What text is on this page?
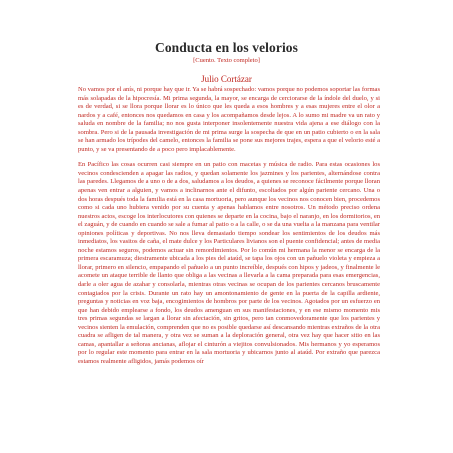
Conducta en los velorios
[Cuento. Texto completo]
Julio Cortázar

No vamos por el anís, ni porque hay que ir. Ya se habrá sospechado: vamos porque no podemos soportar las formas más solapadas de la hipocresía. Mi prima segunda, la mayor, se encarga de cerciorarse de la índole del duelo, y si es de verdad, si se llora porque llorar es lo único que les queda a esos hombres y a esas mujeres entre el olor a nardos y a café, entonces nos quedamos en casa y los acompañamos desde lejos. A lo sumo mi madre va un rato y saluda en nombre de la familia; no nos gusta interponer insolentemente nuestra vida ajena a ese diálogo con la sombra. Pero si de la pausada investigación de mi prima surge la sospecha de que en un patio cubierto o en la sala se han armado los trípodes del camelo, entonces la familia se pone sus mejores trajes, espera a que el velorio esté a punto, y se va presentando de a poco pero implacablemente.

En Pacífico las cosas ocurren casi siempre en un patio con macetas y música de radio. Para estas ocasiones los vecinos condescienden a apagar las radios, y quedan solamente los jazmines y los parientes, alternándose contra las paredes. Llegamos de a uno o de a dos, saludamos a los deudos, a quienes se reconoce fácilmente porque lloran apenas ven entrar a alguien, y vamos a inclinarnos ante el difunto, escoltados por algún pariente cercano. Una o dos horas después toda la familia está en la casa mortuoria, pero aunque los vecinos nos conocen bien, procedemos como si cada uno hubiera venido por su cuenta y apenas hablamos entre nosotros. Un método preciso ordena nuestros actos, escoge los interlocutores con quienes se departe en la cocina, bajo el naranjo, en los dormitorios, en el zaguán, y de cuando en cuando se sale a fumar al patio o a la calle, o se da una vuelta a la manzana para ventilar opiniones políticas y deportivas. No nos lleva demasiado tiempo sondear los sentimientos de los deudos más inmediatos, los vasitos de caña, el mate dulce y los Particulares livianos son el puente confidencial; antes de media noche estamos seguros, podemos actuar sin remordimientos. Por lo común mi hermana la menor se encarga de la primera escaramuza; diestramente ubicada a los pies del ataúd, se tapa los ojos con un pañuelo violeta y empieza a llorar, primero en silencio, empapando el pañuelo a un punto increíble, después con hipos y jadeos, y finalmente le acomete un ataque terrible de llanto que obliga a las vecinas a llevarla a la cama preparada para esas emergencias, darle a oler agua de azahar y consolarla, mientras otras vecinas se ocupan de los parientes cercanos bruscamente contagiados por la crisis. Durante un rato hay un amontonamiento de gente en la puerta de la capilla ardiente, preguntas y noticias en voz baja, encogimientos de hombros por parte de los vecinos. Agotados por un esfuerzo en que han debido emplearse a fondo, los deudos amenguan en sus manifestaciones, y en ese mismo momento mis tres primas segundas se largan a llorar sin afectación, sin gritos, pero tan conmovedoramente que los parientes y vecinos sienten la emulación, comprenden que no es posible quedarse así descansando mientras extraños de la otra cuadra se afligen de tal manera, y otra vez se suman a la deploración general, otra vez hay que hacer sitio en las camas, apantallar a señoras ancianas, aflojar el cinturón a viejitos convulsionados. Mis hermanos y yo esperamos por lo regular este momento para entrar en la sala mortuoria y ubicarnos junto al ataúd. Por extraño que parezca estamos realmente afligidos, jamás podemos oír
